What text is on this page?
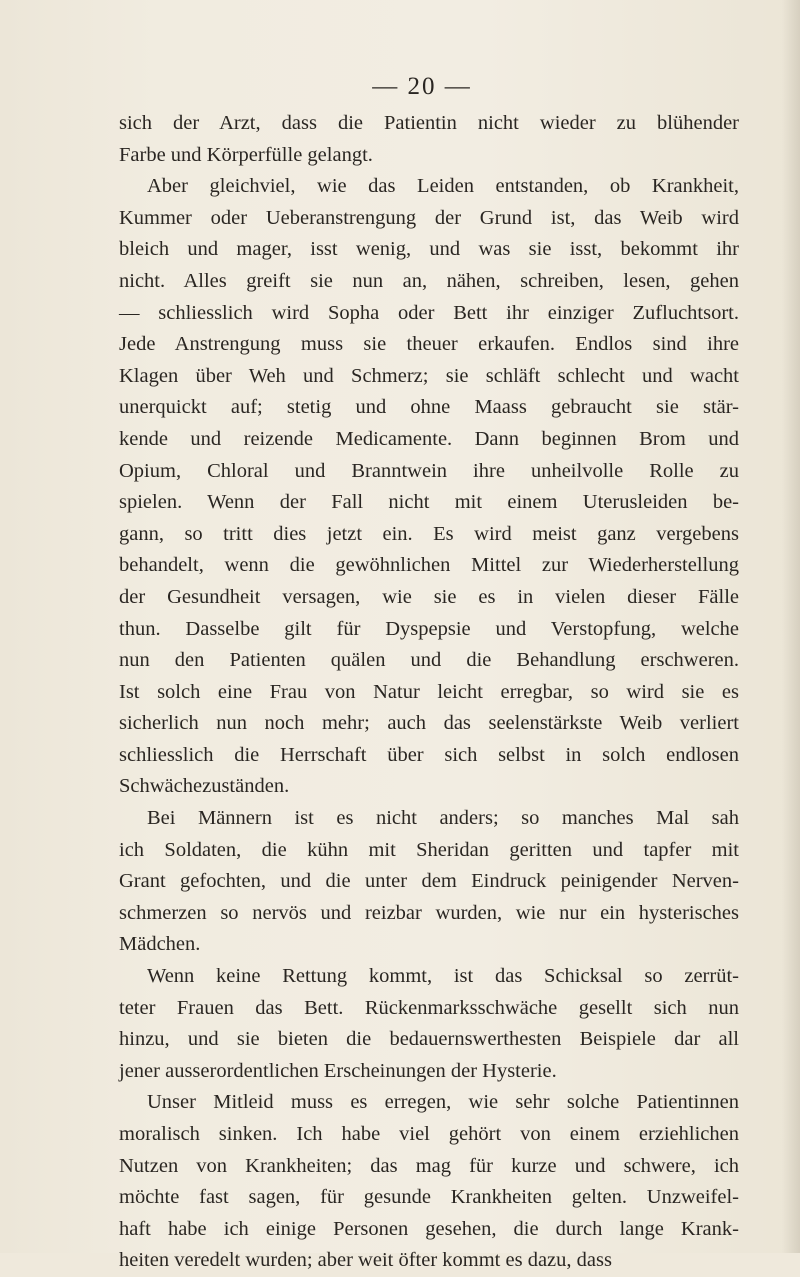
— 20 —
sich der Arzt, dass die Patientin nicht wieder zu blühender
Farbe und Körperfülle gelangt.
Aber gleichviel, wie das Leiden entstanden, ob Krankheit,
Kummer oder Ueberanstrengung der Grund ist, das Weib wird
bleich und mager, isst wenig, und was sie isst, bekommt ihr
nicht. Alles greift sie nun an, nähen, schreiben, lesen, gehen
— schliesslich wird Sopha oder Bett ihr einziger Zufluchtsort.
Jede Anstrengung muss sie theuer erkaufen. Endlos sind ihre
Klagen über Weh und Schmerz; sie schläft schlecht und wacht
unerquickt auf; stetig und ohne Maass gebraucht sie stär-
kende und reizende Medicamente. Dann beginnen Brom und
Opium, Chloral und Branntwein ihre unheilvolle Rolle zu
spielen. Wenn der Fall nicht mit einem Uterusleiden be-
gann, so tritt dies jetzt ein. Es wird meist ganz vergebens
behandelt, wenn die gewöhnlichen Mittel zur Wiederherstellung
der Gesundheit versagen, wie sie es in vielen dieser Fälle
thun. Dasselbe gilt für Dyspepsie und Verstopfung, welche
nun den Patienten quälen und die Behandlung erschweren.
Ist solch eine Frau von Natur leicht erregbar, so wird sie es
sicherlich nun noch mehr; auch das seelenstärkste Weib verliert
schliesslich die Herrschaft über sich selbst in solch endlosen
Schwächezuständen.
Bei Männern ist es nicht anders; so manches Mal sah
ich Soldaten, die kühn mit Sheridan geritten und tapfer mit
Grant gefochten, und die unter dem Eindruck peinigender Nerven-
schmerzen so nervös und reizbar wurden, wie nur ein hysterisches
Mädchen.
Wenn keine Rettung kommt, ist das Schicksal so zerrüt-
teter Frauen das Bett. Rückenmarksschwäche gesellt sich nun
hinzu, und sie bieten die bedauernswerthesten Beispiele dar all
jener ausserordentlichen Erscheinungen der Hysterie.
Unser Mitleid muss es erregen, wie sehr solche Patientinnen
moralisch sinken. Ich habe viel gehört von einem erziehlichen
Nutzen von Krankheiten; das mag für kurze und schwere, ich
möchte fast sagen, für gesunde Krankheiten gelten. Unzweifel-
haft habe ich einige Personen gesehen, die durch lange Krank-
heiten veredelt wurden; aber weit öfter kommt es dazu, dass
